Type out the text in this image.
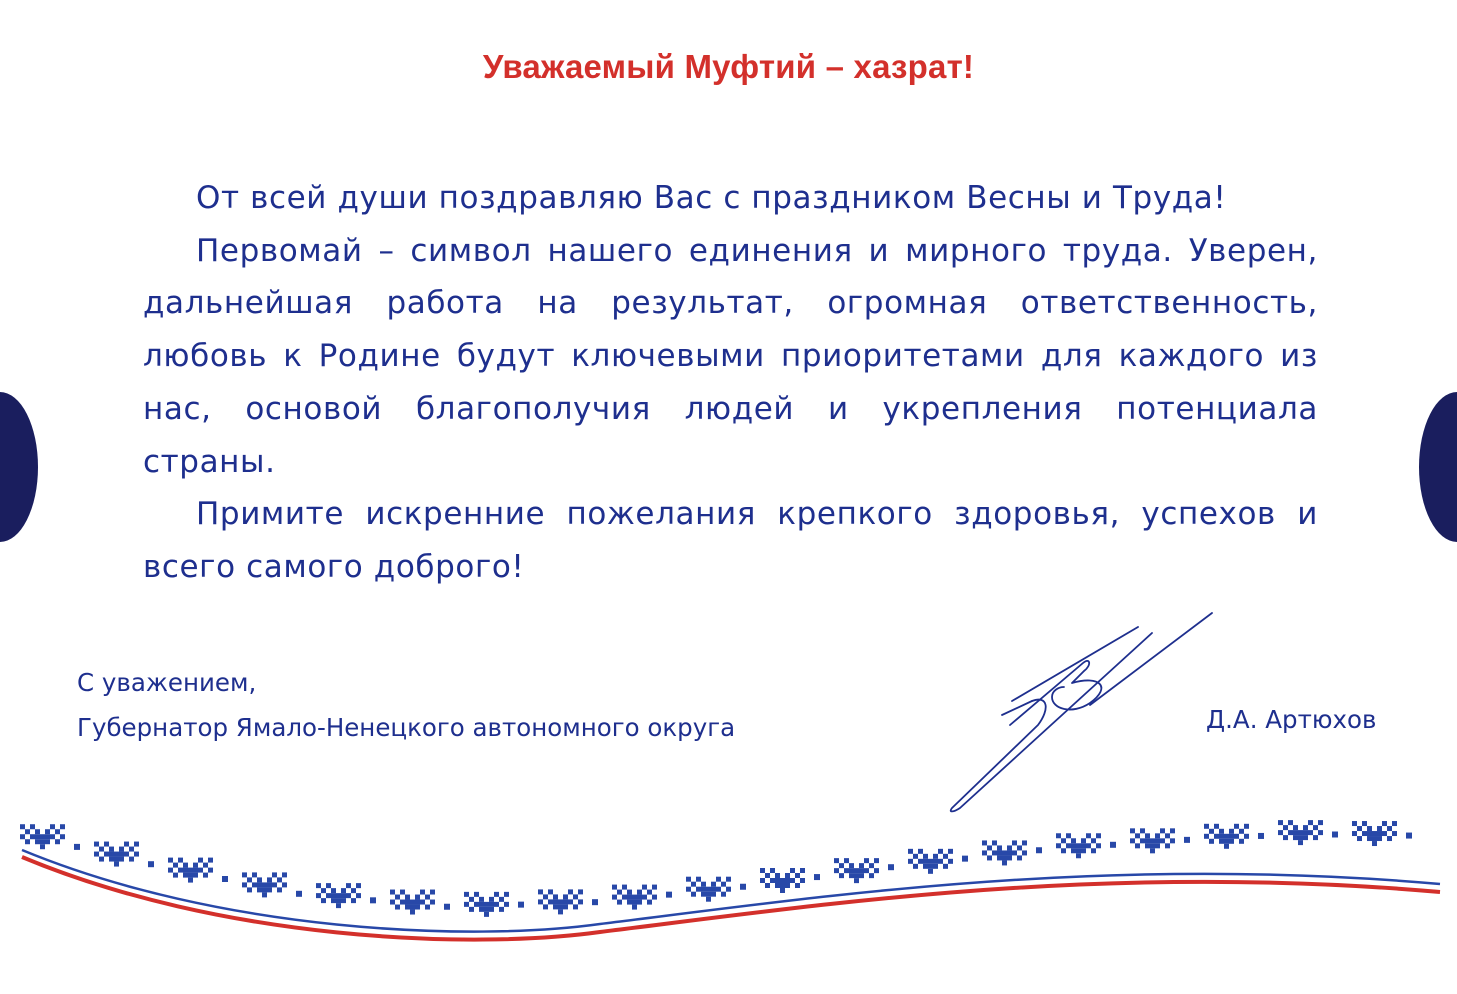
Уважаемый Муфтий – хазрат!

От всей души поздравляю Вас с праздником Весны и Труда!

Первомай – символ нашего единения и мирного труда. Уверен, дальнейшая работа на результат, огромная ответственность, любовь к Родине будут ключевыми приоритетами для каждого из нас, основой благополучия людей и укрепления потенциала страны.

Примите искренние пожелания крепкого здоровья, успехов и всего самого доброго!

С уважением,
Губернатор Ямало-Ненецкого автономного округа	Д.А. Артюхов
